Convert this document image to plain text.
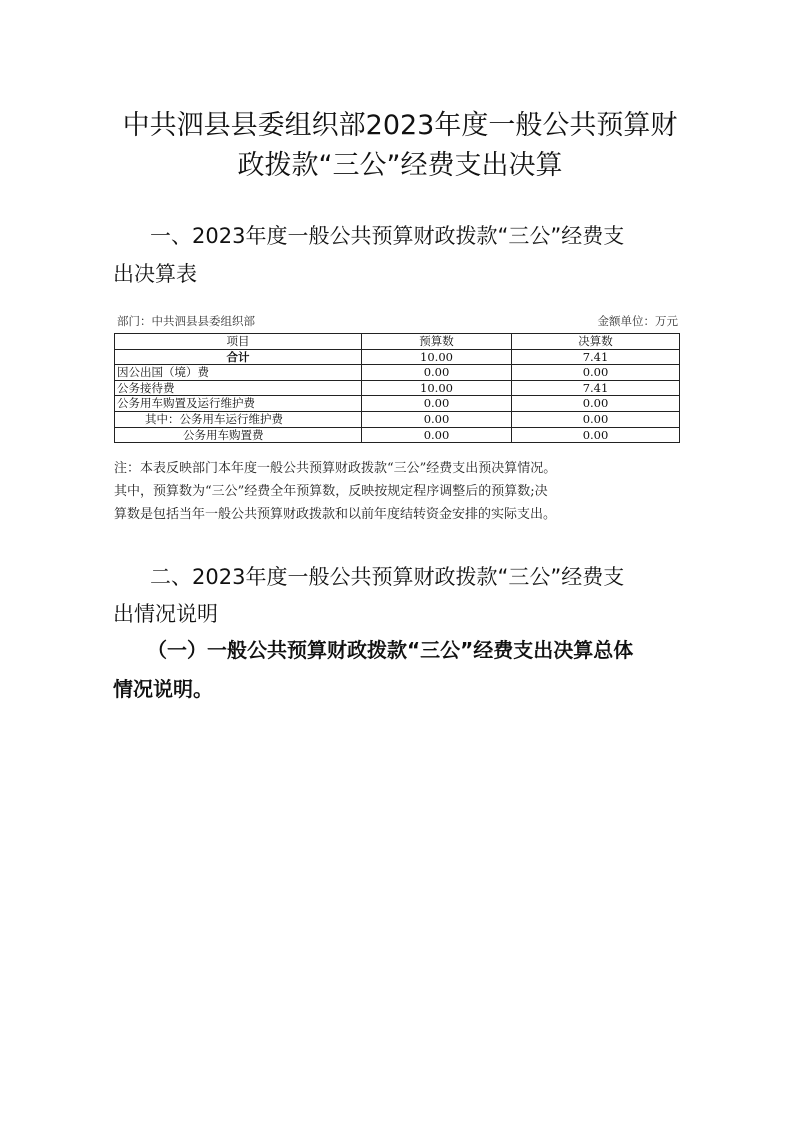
中共泗县县委组织部2023年度一般公共预算财
政拨款“三公”经费支出决算
一、2023年度一般公共预算财政拨款“三公”经费支
出决算表
部门：中共泗县县委组织部	金额单位：万元
项目	预算数	决算数
合计	10.00	7.41
因公出国（境）费	0.00	0.00
公务接待费	10.00	7.41
公务用车购置及运行维护费	0.00	0.00
其中：公务用车运行维护费	0.00	0.00
公务用车购置费	0.00	0.00

注：本表反映部门本年度一般公共预算财政拨款“三公”经费支出预决算情况。
其中，预算数为“三公”经费全年预算数，反映按规定程序调整后的预算数;决
算数是包括当年一般公共预算财政拨款和以前年度结转资金安排的实际支出。

二、2023年度一般公共预算财政拨款“三公”经费支
出情况说明
（一）一般公共预算财政拨款“三公”经费支出决算总体
情况说明。
